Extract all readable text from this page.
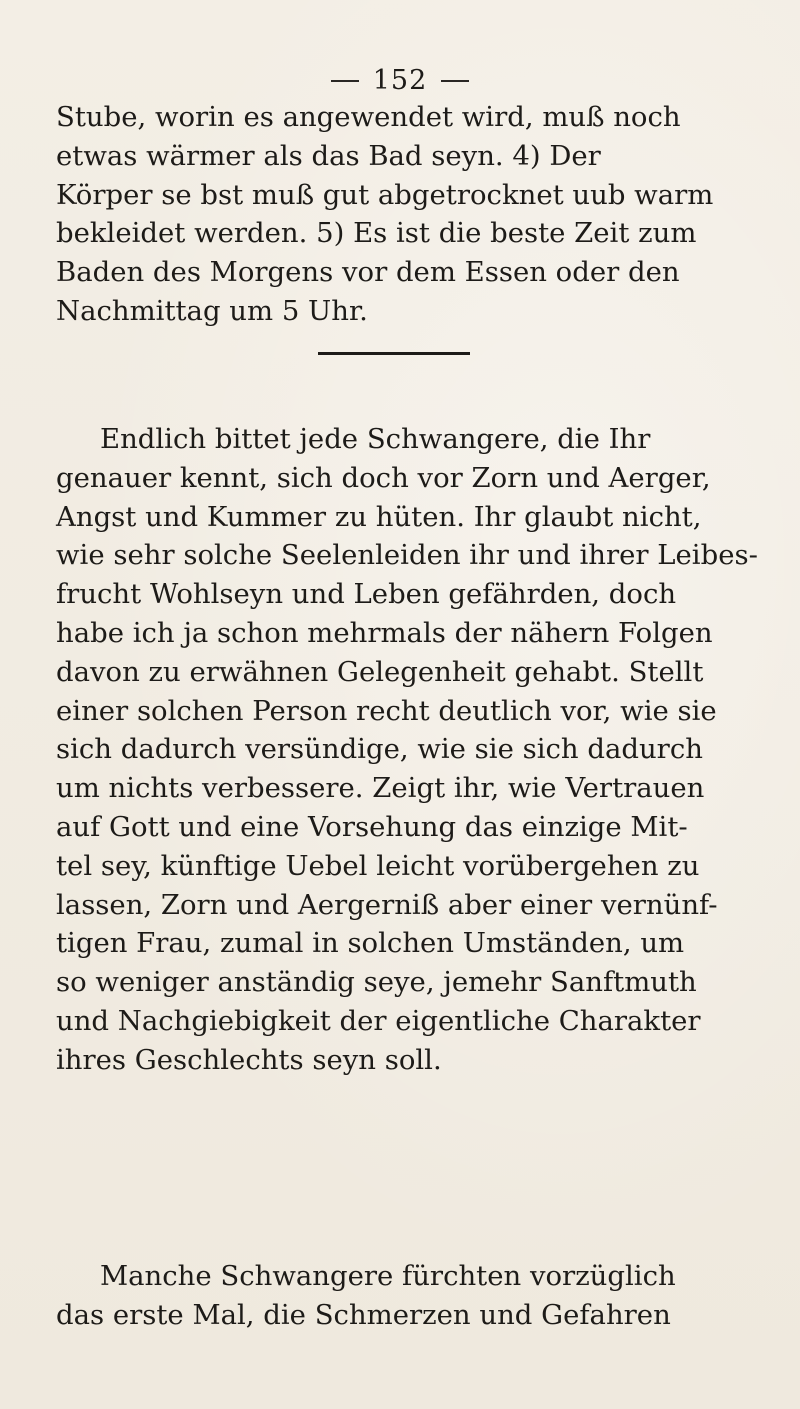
152
Stube, worin es angewendet wird, muß noch
etwas wärmer als das Bad seyn. 4) Der
Körper se bst muß gut abgetrocknet uub warm
bekleidet werden. 5) Es ist die beste Zeit zum
Baden des Morgens vor dem Essen oder den
Nachmittag um 5 Uhr.
Endlich bittet jede Schwangere, die Ihr
genauer kennt, sich doch vor Zorn und Aerger,
Angst und Kummer zu hüten. Ihr glaubt nicht,
wie sehr solche Seelenleiden ihr und ihrer Leibes-
frucht Wohlseyn und Leben gefährden, doch
habe ich ja schon mehrmals der nähern Folgen
davon zu erwähnen Gelegenheit gehabt. Stellt
einer solchen Person recht deutlich vor, wie sie
sich dadurch versündige, wie sie sich dadurch
um nichts verbessere. Zeigt ihr, wie Vertrauen
auf Gott und eine Vorsehung das einzige Mit-
tel sey, künftige Uebel leicht vorübergehen zu
lassen, Zorn und Aergerniß aber einer vernünf-
tigen Frau, zumal in solchen Umständen, um
so weniger anständig seye, jemehr Sanftmuth
und Nachgiebigkeit der eigentliche Charakter
ihres Geschlechts seyn soll.
Manche Schwangere fürchten vorzüglich
das erste Mal, die Schmerzen und Gefahren
